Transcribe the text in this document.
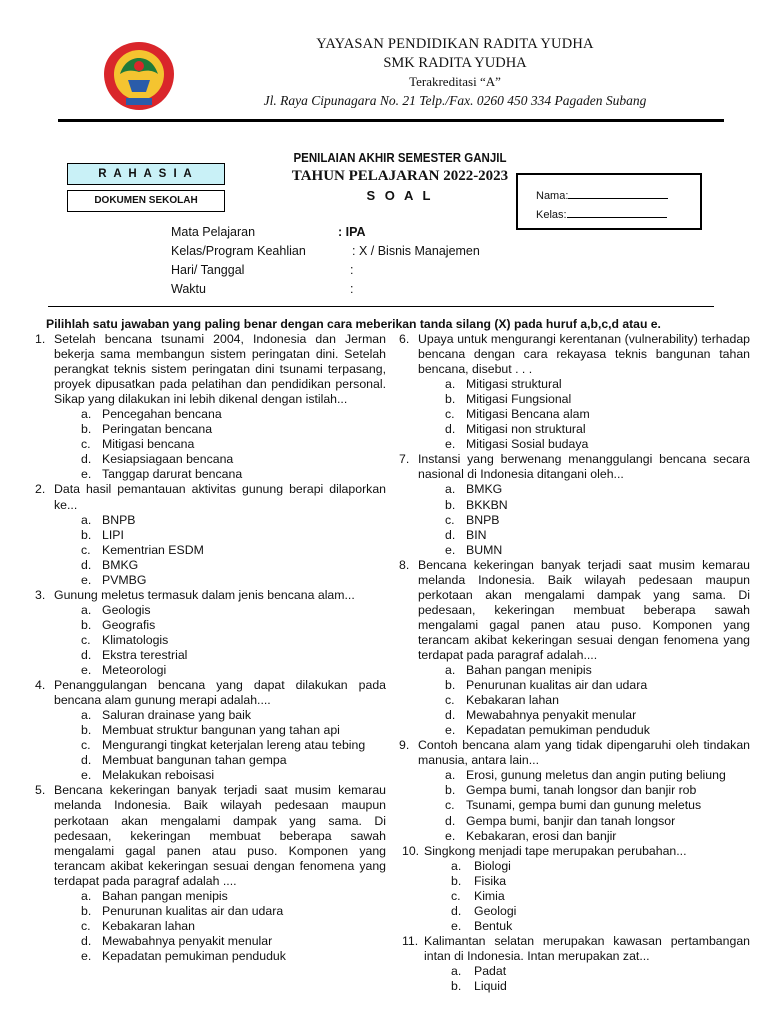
YAYASAN PENDIDIKAN RADITA YUDHA
SMK RADITA YUDHA
Terakreditasi “A”
Jl. Raya Cipunagara No. 21 Telp./Fax. 0260 450 334 Pagaden Subang
R A H A S I A
DOKUMEN SEKOLAH
PENILAIAN AKHIR SEMESTER GANJIL
TAHUN PELAJARAN 2022-2023
S O A L	Nama:
Kelas:
Mata Pelajaran	: IPA
Kelas/Program Keahlian	: X / Bisnis Manajemen
Hari/ Tanggal	:
Waktu	:
Pilihlah satu jawaban yang paling benar dengan cara meberikan tanda silang (X) pada huruf a,b,c,d atau e.
1. Setelah bencana tsunami 2004, Indonesia dan Jerman bekerja sama membangun sistem peringatan dini. Setelah perangkat teknis sistem peringatan dini tsunami terpasang, proyek dipusatkan pada pelatihan dan pendidikan personal. Sikap yang dilakukan ini lebih dikenal dengan istilah...
a. Pencegahan bencana
b. Peringatan bencana
c. Mitigasi bencana
d. Kesiapsiagaan bencana
e. Tanggap darurat bencana
2. Data hasil pemantauan aktivitas gunung berapi dilaporkan ke...
a. BNPB
b. LIPI
c. Kementrian ESDM
d. BMKG
e. PVMBG
3. Gunung meletus termasuk dalam jenis bencana alam...
a. Geologis
b. Geografis
c. Klimatologis
d. Ekstra terestrial
e. Meteorologi
4. Penanggulangan bencana yang dapat dilakukan pada bencana alam gunung merapi adalah....
a. Saluran drainase yang baik
b. Membuat struktur bangunan yang tahan api
c. Mengurangi tingkat keterjalan lereng atau tebing
d. Membuat bangunan tahan gempa
e. Melakukan reboisasi
5. Bencana kekeringan banyak terjadi saat musim kemarau melanda Indonesia. Baik wilayah pedesaan maupun perkotaan akan mengalami dampak yang sama. Di pedesaan, kekeringan membuat beberapa sawah mengalami gagal panen atau puso. Komponen yang terancam akibat kekeringan sesuai dengan fenomena yang terdapat pada paragraf adalah ....
a. Bahan pangan menipis
b. Penurunan kualitas air dan udara
c. Kebakaran lahan
d. Mewabahnya penyakit menular
e. Kepadatan pemukiman penduduk
6. Upaya untuk mengurangi kerentanan (vulnerability) terhadap bencana dengan cara rekayasa teknis bangunan tahan bencana, disebut . . .
a. Mitigasi struktural
b. Mitigasi Fungsional
c. Mitigasi Bencana alam
d. Mitigasi non struktural
e. Mitigasi Sosial budaya
7. Instansi yang berwenang menanggulangi bencana secara nasional di Indonesia ditangani oleh...
a. BMKG
b. BKKBN
c. BNPB
d. BIN
e. BUMN
8. Bencana kekeringan banyak terjadi saat musim kemarau melanda Indonesia. Baik wilayah pedesaan maupun perkotaan akan mengalami dampak yang sama. Di pedesaan, kekeringan membuat beberapa sawah mengalami gagal panen atau puso. Komponen yang terancam akibat kekeringan sesuai dengan fenomena yang terdapat pada paragraf adalah....
a. Bahan pangan menipis
b. Penurunan kualitas air dan udara
c. Kebakaran lahan
d. Mewabahnya penyakit menular
e. Kepadatan pemukiman penduduk
9. Contoh bencana alam yang tidak dipengaruhi oleh tindakan manusia, antara lain...
a. Erosi, gunung meletus dan angin puting beliung
b. Gempa bumi, tanah longsor dan banjir rob
c. Tsunami, gempa bumi dan gunung meletus
d. Gempa bumi, banjir dan tanah longsor
e. Kebakaran, erosi dan banjir
10. Singkong menjadi tape merupakan perubahan...
a. Biologi
b. Fisika
c. Kimia
d. Geologi
e. Bentuk
11. Kalimantan selatan merupakan kawasan pertambangan intan di Indonesia. Intan merupakan zat...
a. Padat
b. Liquid
